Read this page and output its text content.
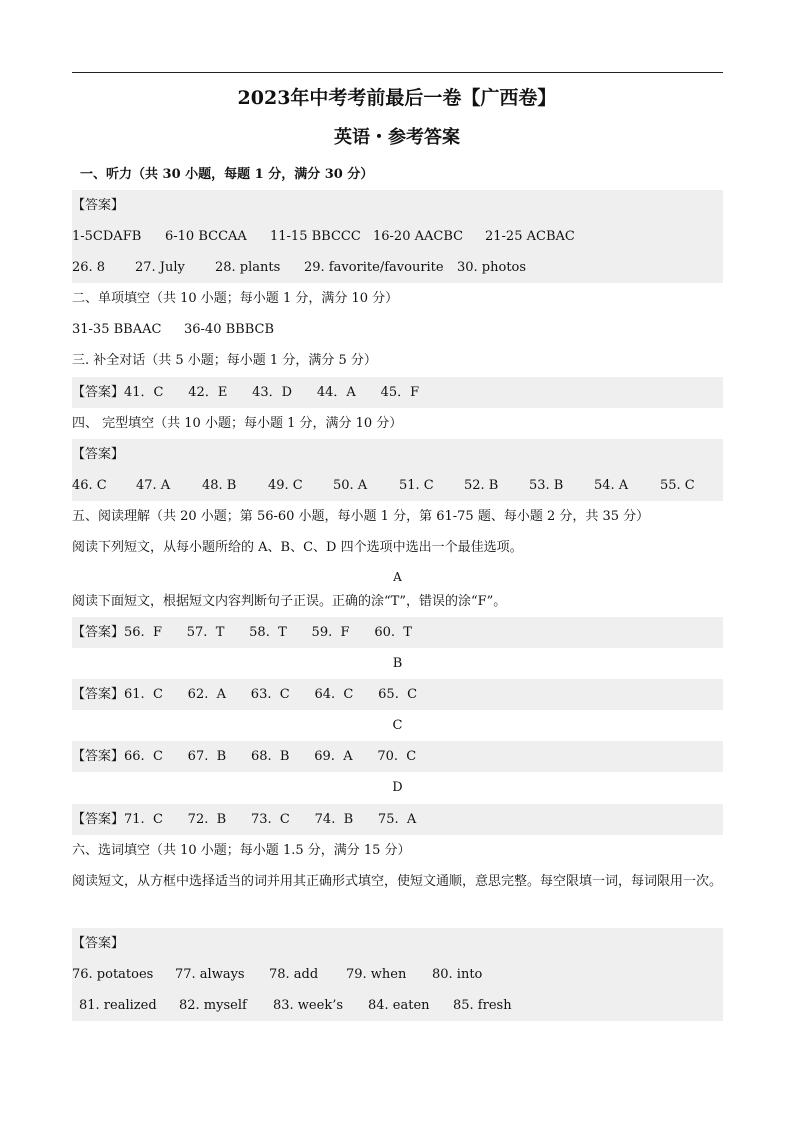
2023年中考考前最后一卷【广西卷】
英语・参考答案
一、听力（共 30 小题，每题 1 分，满分 30 分）
【答案】
1-5CDAFB 6-10 BCCAA 11-15 BBCCC 16-20 AACBC 21-25 ACBAC
26. 8 27. July 28. plants 29. favorite/favourite 30. photos
二、单项填空（共 10 小题；每小题 1 分，满分 10 分）
31-35 BBAAC 36-40 BBBCB
三. 补全对话（共 5 小题；每小题 1 分，满分 5 分）
【答案】41．C      42．E      43．D      44．A      45．F
四、 完型填空（共 10 小题；每小题 1 分，满分 10 分）
【答案】
46. C 47. A 48. B 49. C 50. A 51. C 52. B 53. B 54. A 55. C
五、阅读理解（共 20 小题；第 56-60 小题，每小题 1 分，第 61-75 题、每小题 2 分，共 35 分）
阅读下列短文，从每小题所给的 A、B、C、D 四个选项中选出一个最佳选项。
A
阅读下面短文，根据短文内容判断句子正误。正确的涂“T”，错误的涂“F”。
【答案】56.  F      57.  T      58.  T      59.  F      60.  T
B
【答案】61.  C      62.  A      63.  C      64.  C      65.  C
C
【答案】66.  C      67.  B      68.  B      69.  A      70.  C
D
【答案】71.  C      72.  B      73.  C      74.  B      75.  A
六、选词填空（共 10 小题；每小题 1.5 分，满分 15 分）
阅读短文，从方框中选择适当的词并用其正确形式填空，使短文通顺，意思完整。每空限填一词，每词限用一次。
【答案】
76. potatoes 77. always 78. add 79. when 80. into
81. realized 82. myself 83. week’s 84. eaten 85. fresh
